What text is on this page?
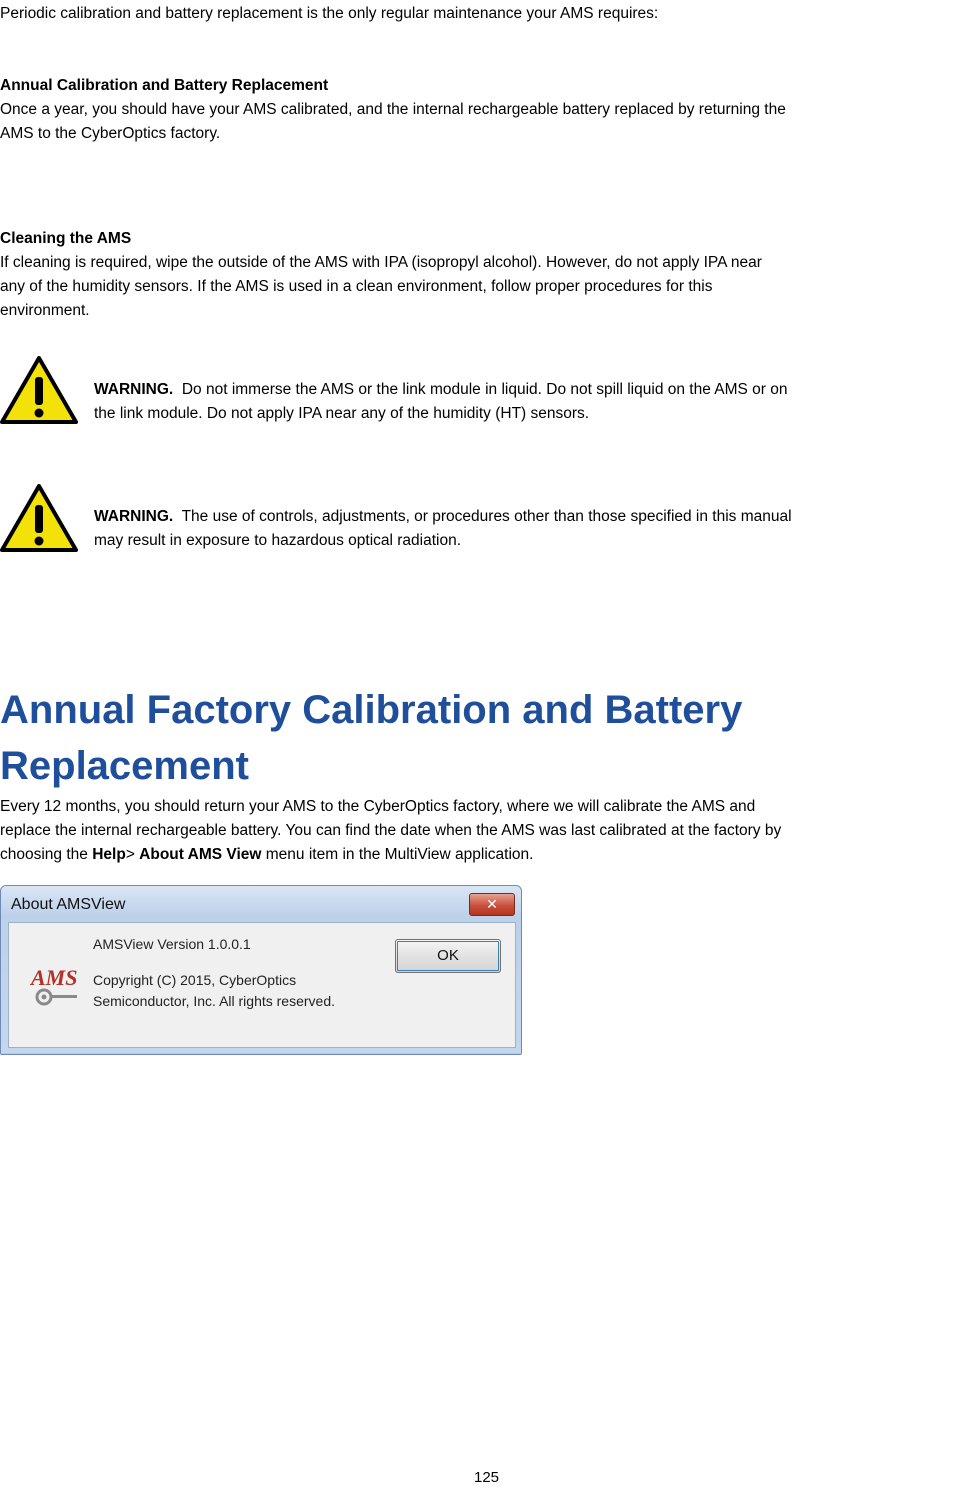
Periodic calibration and battery replacement is the only regular maintenance your AMS requires:

Annual Calibration and Battery Replacement

Once a year, you should have your AMS calibrated, and the internal rechargeable battery replaced by returning the

AMS to the CyberOptics factory.

Cleaning the AMS

If cleaning is required, wipe the outside of the AMS with IPA (isopropyl alcohol). However, do not apply IPA near

any of the humidity sensors. If the AMS is used in a clean environment, follow proper procedures for this

environment.

WARNING. Do not immerse the AMS or the link module in liquid. Do not spill liquid on the AMS or on

the link module. Do not apply IPA near any of the humidity (HT) sensors.

WARNING. The use of controls, adjustments, or procedures other than those specified in this manual

may result in exposure to hazardous optical radiation.

Annual Factory Calibration and Battery
Replacement

Every 12 months, you should return your AMS to the CyberOptics factory, where we will calibrate the AMS and

replace the internal rechargeable battery. You can find the date when the AMS was last calibrated at the factory by

choosing the Help> About AMS View menu item in the MultiView application.

About AMSView	✕
AMS
AMSView Version 1.0.0.1
Copyright (C) 2015, CyberOptics
Semiconductor, Inc. All rights reserved.
OK
125
